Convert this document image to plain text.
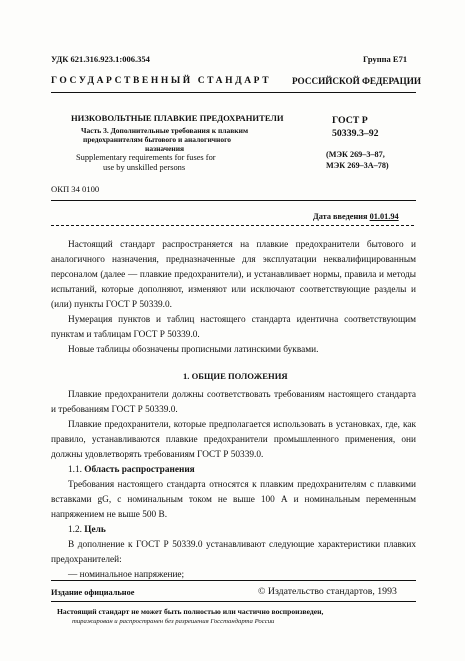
УДК 621.316.923.1:006.354	Группа Е71
ГОСУДАРСТВЕННЫЙ СТАНДАРТ РОССИЙСКОЙ ФЕДЕРАЦИИ
НИЗКОВОЛЬТНЫЕ ПЛАВКИЕ ПРЕДОХРАНИТЕЛИ
Часть 3. Дополнительные требования к плавким
предохранителям бытового и аналогичного
назначения
Supplementary requirements for fuses for
use by unskilled persons
ГОСТ Р
50339.3–92
(МЭК 269–3–87,
МЭК 269–3А–78)
ОКП 34 0100
Дата введения 01.01.94

Настоящий стандарт распространяется на плавкие предохранители бытового и аналогичного назначения, предназначенные для эксплуатации неквалифицированным персоналом (далее — плавкие предохранители), и устанавливает нормы, правила и методы испытаний, которые дополняют, изменяют или исключают соответствующие разделы и (или) пункты ГОСТ Р 50339.0.

Нумерация пунктов и таблиц настоящего стандарта идентична соответствующим пунктам и таблицам ГОСТ Р 50339.0.

Новые таблицы обозначены прописными латинскими буквами.

1. ОБЩИЕ ПОЛОЖЕНИЯ

Плавкие предохранители должны соответствовать требованиям настоящего стандарта и требованиям ГОСТ Р 50339.0.

Плавкие предохранители, которые предполагается использовать в установках, где, как правило, устанавливаются плавкие предохранители промышленного применения, они должны удовлетворять требованиям ГОСТ Р 50339.0.

1.1. Область распространения

Требования настоящего стандарта относятся к плавким предохранителям с плавкими вставками gG, с номинальным током не выше 100 А и номинальным переменным напряжением не выше 500 В.

1.2. Цель

В дополнение к ГОСТ Р 50339.0 устанавливают следующие характеристики плавких предохранителей:

— номинальное напряжение;

Издание официальное	© Издательство стандартов, 1993
Настоящий стандарт не может быть полностью или частично воспроизведен,
тиражирован и распространен без разрешения Госстандарта России
